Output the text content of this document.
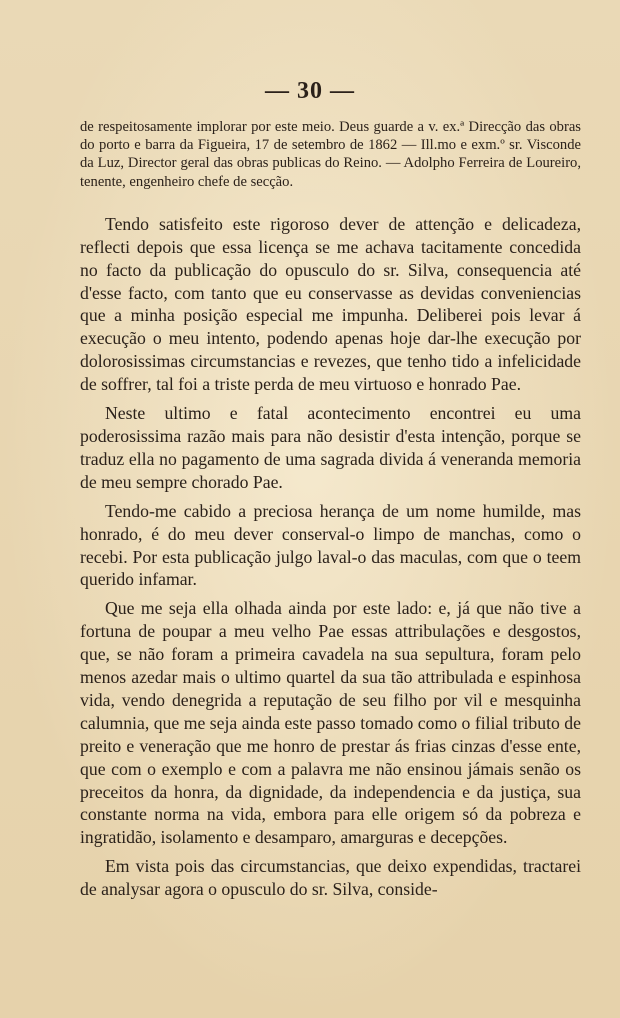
— 30 —

de respeitosamente implorar por este meio. Deus guarde a v. ex.ª Direcção das obras do porto e barra da Figueira, 17 de setembro de 1862 — Ill.mo e exm.º sr. Visconde da Luz, Director geral das obras publicas do Reino. — Adolpho Ferreira de Loureiro, tenente, engenheiro chefe de secção.

Tendo satisfeito este rigoroso dever de attenção e delicadeza, reflecti depois que essa licença se me achava tacitamente concedida no facto da publicação do opusculo do sr. Silva, consequencia até d'esse facto, com tanto que eu conservasse as devidas conveniencias que a minha posição especial me impunha. Deliberei pois levar á execução o meu intento, podendo apenas hoje dar-lhe execução por dolorosissimas circumstancias e revezes, que tenho tido a infelicidade de soffrer, tal foi a triste perda de meu virtuoso e honrado Pae.

Neste ultimo e fatal acontecimento encontrei eu uma poderosissima razão mais para não desistir d'esta intenção, porque se traduz ella no pagamento de uma sagrada divida á veneranda memoria de meu sempre chorado Pae.

Tendo-me cabido a preciosa herança de um nome humilde, mas honrado, é do meu dever conserval-o limpo de manchas, como o recebi. Por esta publicação julgo laval-o das maculas, com que o teem querido infamar.

Que me seja ella olhada ainda por este lado: e, já que não tive a fortuna de poupar a meu velho Pae essas attribulações e desgostos, que, se não foram a primeira cavadela na sua sepultura, foram pelo menos azedar mais o ultimo quartel da sua tão attribulada e espinhosa vida, vendo denegrida a reputação de seu filho por vil e mesquinha calumnia, que me seja ainda este passo tomado como o filial tributo de preito e veneração que me honro de prestar ás frias cinzas d'esse ente, que com o exemplo e com a palavra me não ensinou jámais senão os preceitos da honra, da dignidade, da independencia e da justiça, sua constante norma na vida, embora para elle origem só da pobreza e ingratidão, isolamento e desamparo, amarguras e decepções.

Em vista pois das circumstancias, que deixo expendidas, tractarei de analysar agora o opusculo do sr. Silva, conside-
